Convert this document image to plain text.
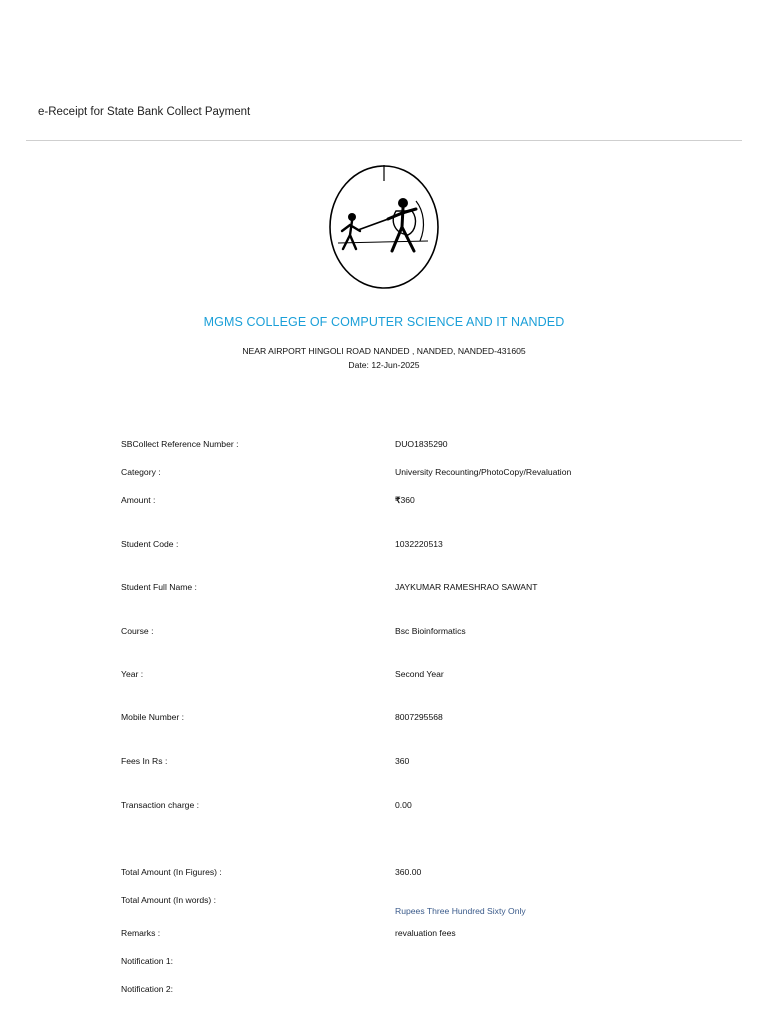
e-Receipt for State Bank Collect Payment
MGMS COLLEGE OF COMPUTER SCIENCE AND IT NANDED
NEAR AIRPORT HINGOLI ROAD NANDED , NANDED, NANDED-431605
Date: 12-Jun-2025
SBCollect Reference Number :	DUO1835290
Category :	University Recounting/PhotoCopy/Revaluation
Amount :	₹360
Student Code :	1032220513
Student Full Name :	JAYKUMAR RAMESHRAO SAWANT
Course :	Bsc Bioinformatics
Year :	Second Year
Mobile Number :	8007295568
Fees In Rs :	360
Transaction charge :	0.00
Total Amount (In Figures) :	360.00
Total Amount (In words) :
Rupees Three Hundred Sixty Only
Remarks :	revaluation fees
Notification 1:
Notification 2:
